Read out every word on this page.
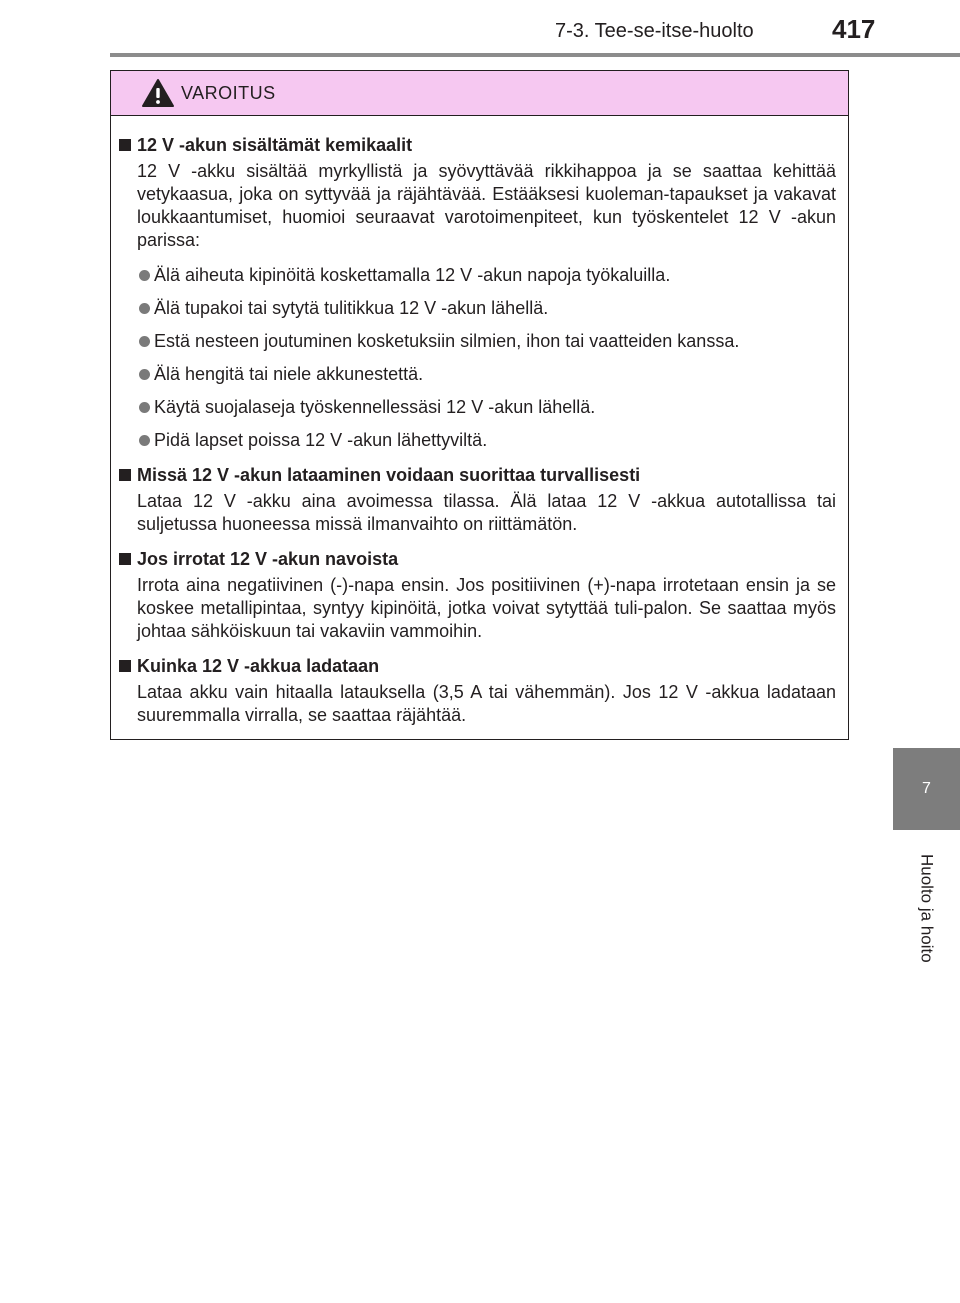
7-3. Tee-se-itse-huolto	417
7
Huolto ja hoito
VAROITUS
12 V -akun sisältämät kemikaalit
12 V -akku sisältää myrkyllistä ja syövyttävää rikkihappoa ja se saattaa kehittää vetykaasua, joka on syttyvää ja räjähtävää. Estääksesi kuoleman-tapaukset ja vakavat loukkaantumiset, huomioi seuraavat varotoimenpiteet, kun työskentelet 12 V -akun parissa:
Älä aiheuta kipinöitä koskettamalla 12 V -akun napoja työkaluilla.
Älä tupakoi tai sytytä tulitikkua 12 V -akun lähellä.
Estä nesteen joutuminen kosketuksiin silmien, ihon tai vaatteiden kanssa.
Älä hengitä tai niele akkunestettä.
Käytä suojalaseja työskennellessäsi 12 V -akun lähellä.
Pidä lapset poissa 12 V -akun lähettyviltä.
Missä 12 V -akun lataaminen voidaan suorittaa turvallisesti
Lataa 12 V -akku aina avoimessa tilassa. Älä lataa 12 V -akkua autotallissa tai suljetussa huoneessa missä ilmanvaihto on riittämätön.
Jos irrotat 12 V -akun navoista
Irrota aina negatiivinen (-)-napa ensin. Jos positiivinen (+)-napa irrotetaan ensin ja se koskee metallipintaa, syntyy kipinöitä, jotka voivat sytyttää tuli-palon. Se saattaa myös johtaa sähköiskuun tai vakaviin vammoihin.
Kuinka 12 V -akkua ladataan
Lataa akku vain hitaalla latauksella (3,5 A tai vähemmän). Jos 12 V -akkua ladataan suuremmalla virralla, se saattaa räjähtää.
